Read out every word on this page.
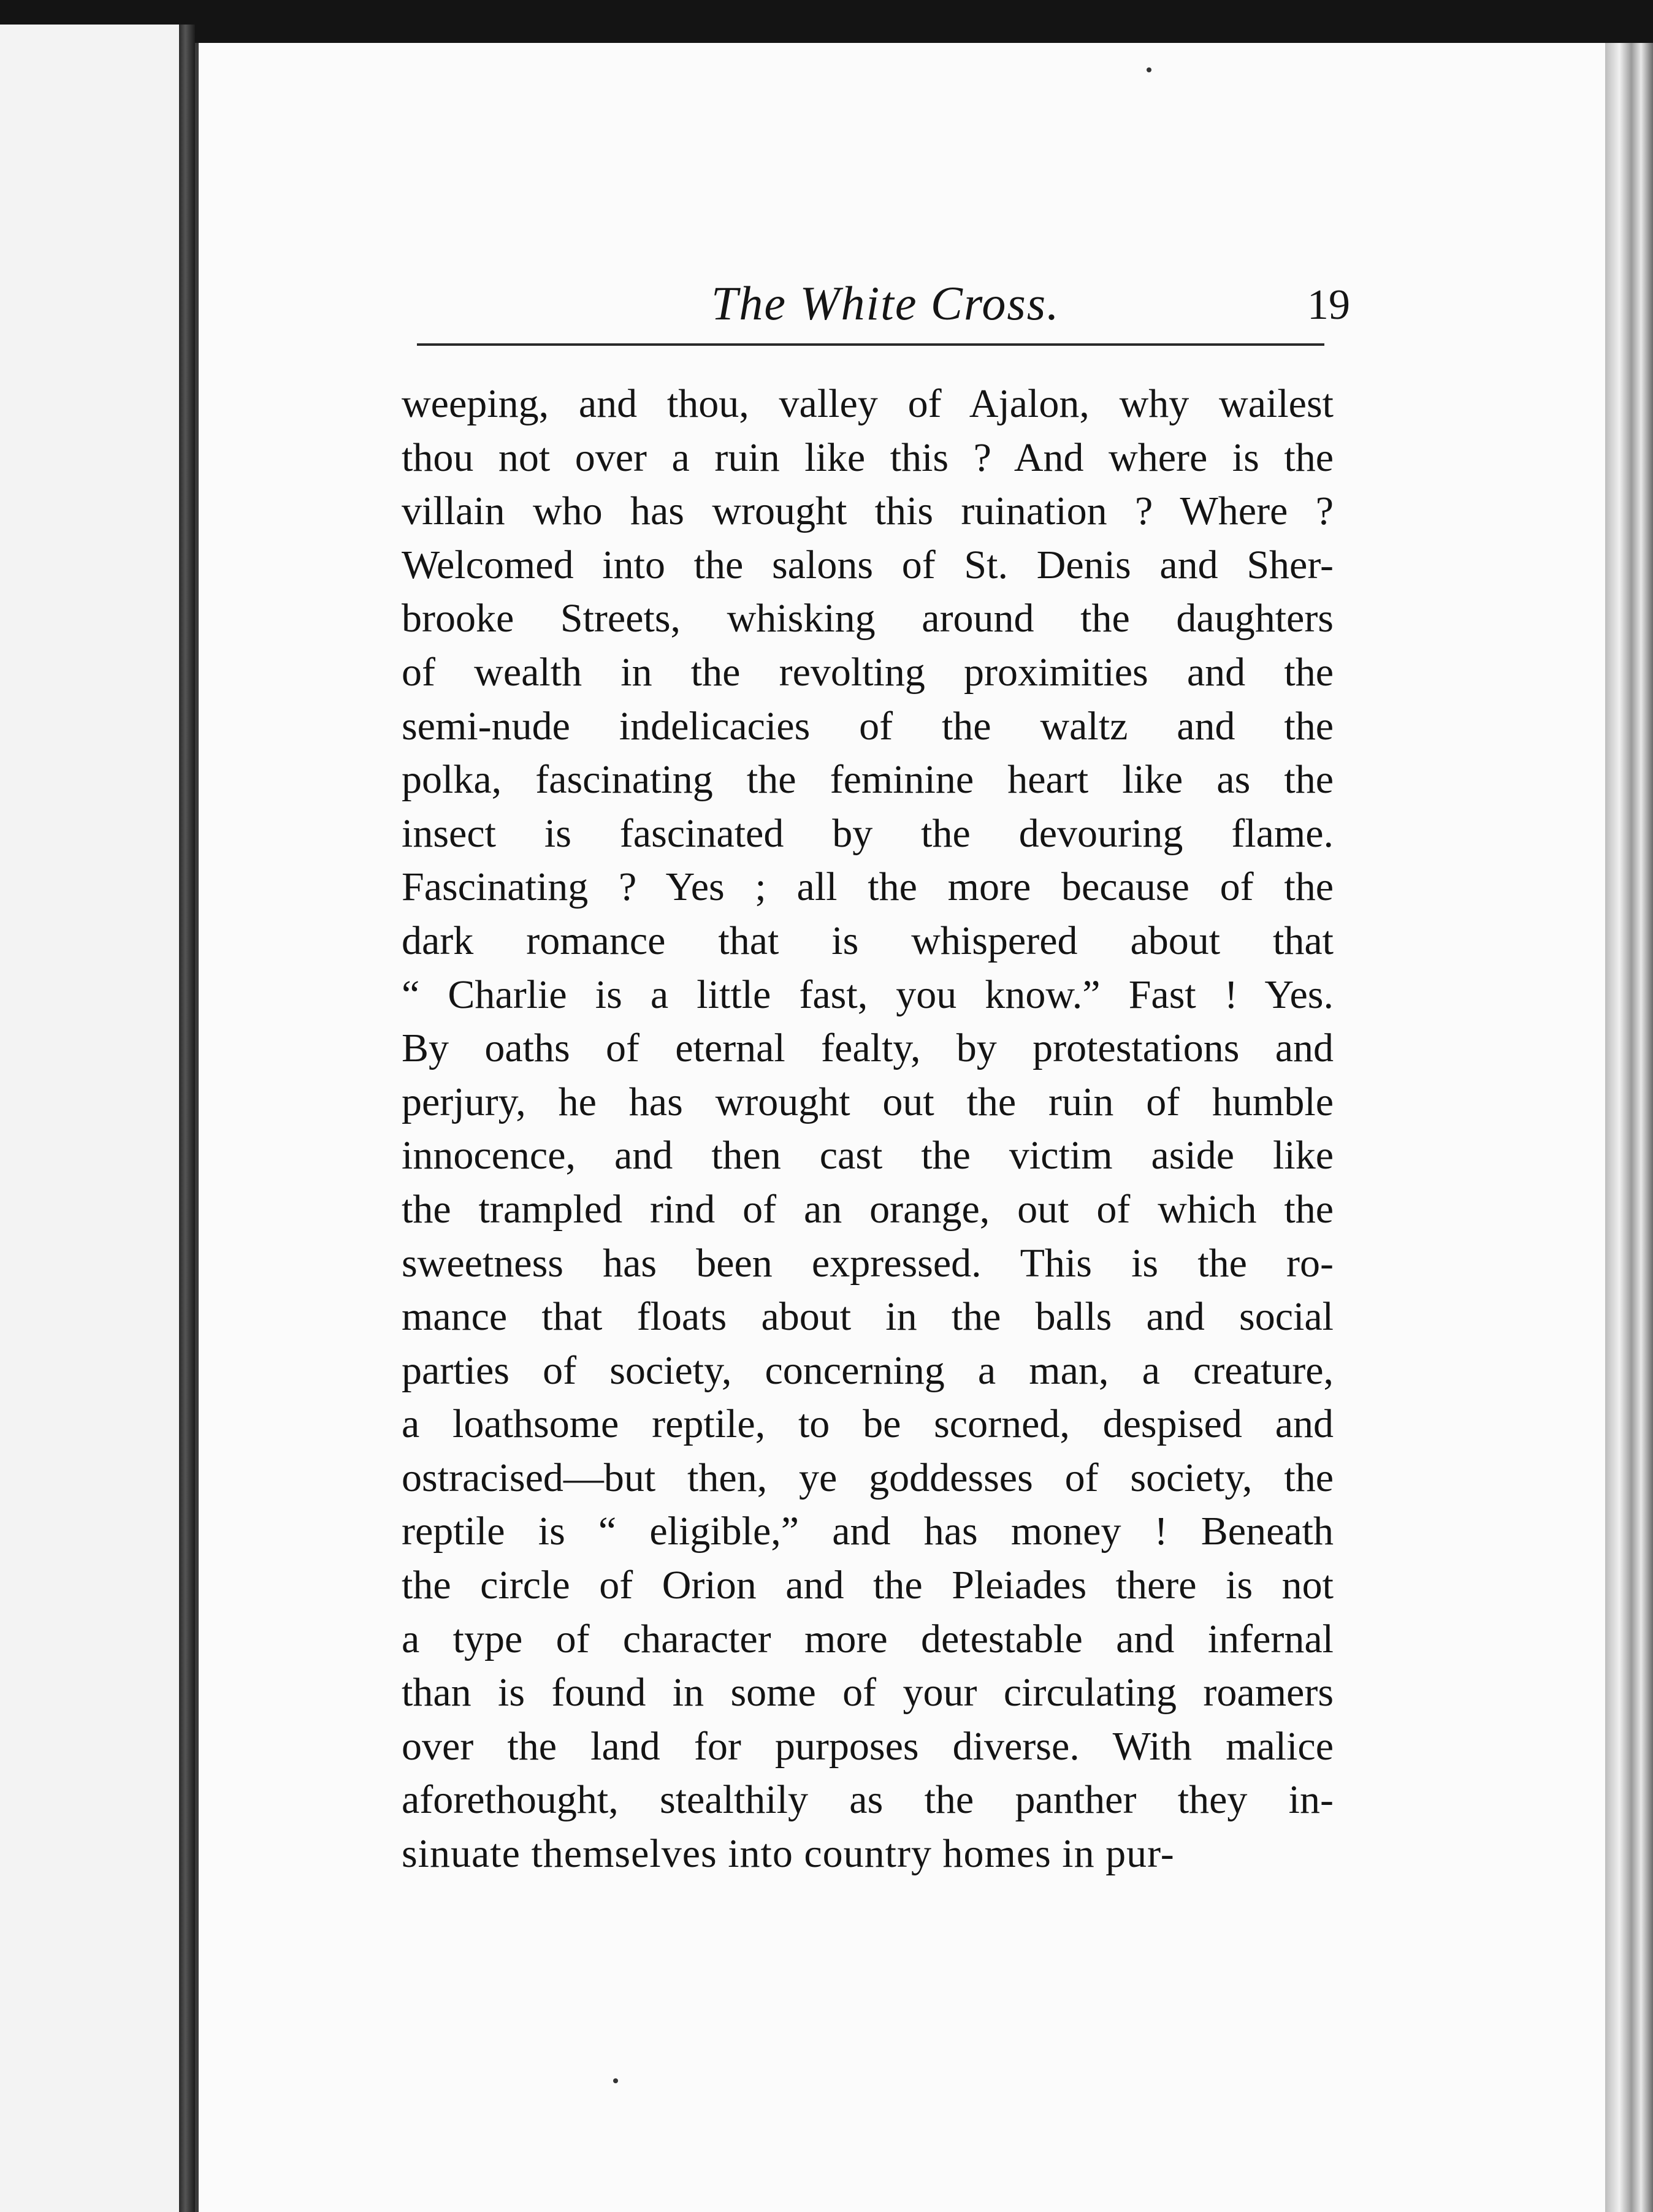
The White Cross.	19
weeping, and thou, valley of Ajalon, why wailest
thou not over a ruin like this ? And where is the
villain who has wrought this ruination ? Where ?
Welcomed into the salons of St. Denis and Sher-
brooke Streets, whisking around the daughters
of wealth in the revolting proximities and the
semi-nude indelicacies of the waltz and the
polka, fascinating the feminine heart like as the
insect is fascinated by the devouring flame.
Fascinating ? Yes ; all the more because of the
dark romance that is whispered about that
“ Charlie is a little fast, you know.” Fast ! Yes.
By oaths of eternal fealty, by protestations and
perjury, he has wrought out the ruin of humble
innocence, and then cast the victim aside like
the trampled rind of an orange, out of which the
sweetness has been expressed. This is the ro-
mance that floats about in the balls and social
parties of society, concerning a man, a creature,
a loathsome reptile, to be scorned, despised and
ostracised—but then, ye goddesses of society, the
reptile is “ eligible,” and has money ! Beneath
the circle of Orion and the Pleiades there is not
a type of character more detestable and infernal
than is found in some of your circulating roamers
over the land for purposes diverse. With malice
aforethought, stealthily as the panther they in-
sinuate themselves into country homes in pur-
